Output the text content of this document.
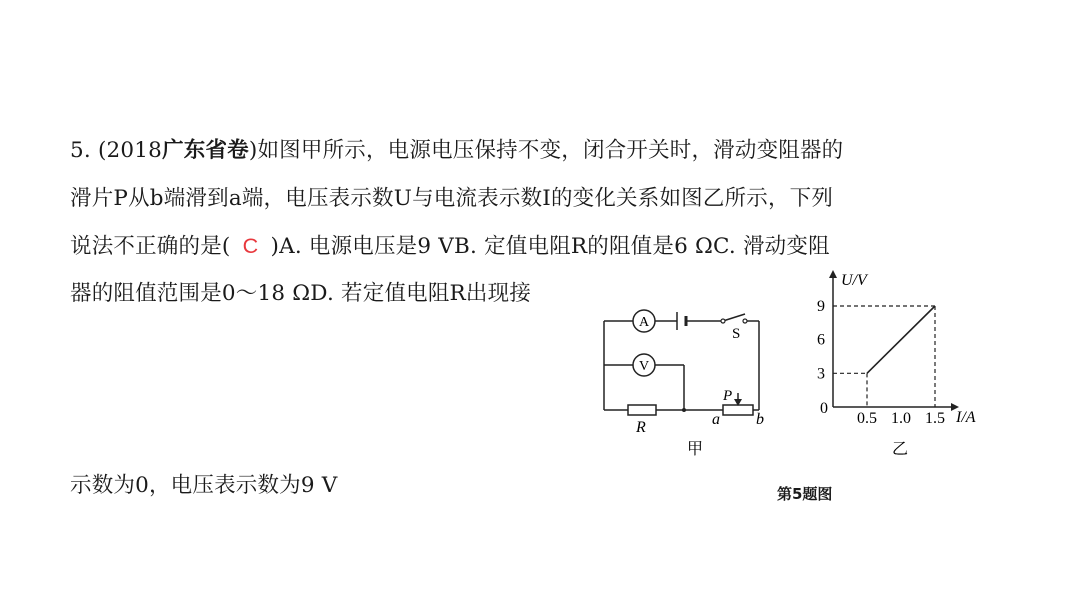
5. (2018广东省卷)如图甲所示，电源电压保持不变，闭合开关时，滑动变阻器的
滑片P从b端滑到a端，电压表示数U与电流表示数I的变化关系如图乙所示，下列
说法不正确的是( C )A. 电源电压是9 VB. 定值电阻R的阻值是6 ΩC. 滑动变阻
器的阻值范围是0～18 ΩD. 若定值电阻R出现接
示数为0，电压表示数为9 V
A
S
V
R
P
a b
甲
U/V
I/A
0
3
6
9
0.5 1.0 1.5
乙
第5题图
